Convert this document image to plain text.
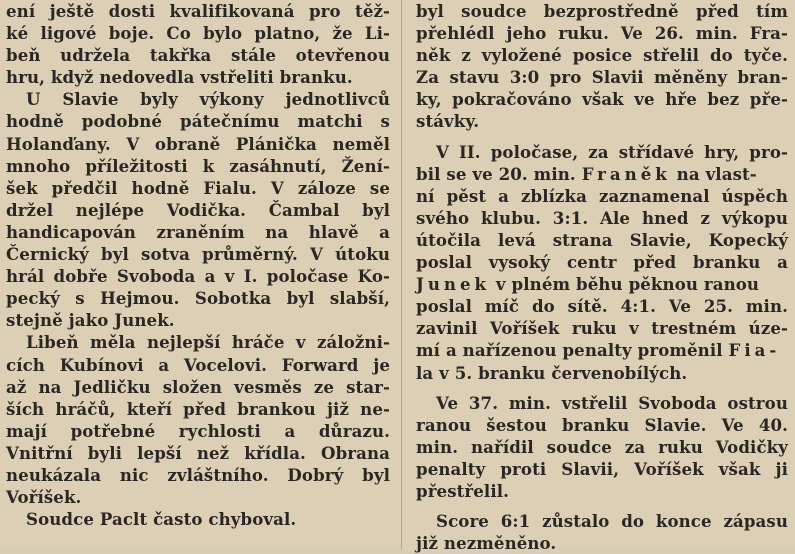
ení ještě dosti kvalifikovaná pro těž-
ké ligové boje. Co bylo platno, že Li-
beň udržela takřka stále otevřenou
hru, když nedovedla vstřeliti branku.
U Slavie byly výkony jednotlivců
hodně podobné pátečnímu matchi s
Holanďany. V obraně Plánička neměl
mnoho příležitosti k zasáhnutí, Žení-
šek předčil hodně Fialu. V záloze se
držel nejlépe Vodička. Čambal byl
handicapován zraněním na hlavě a
Černický byl sotva průměrný. V útoku
hrál dobře Svoboda a v I. poločase Ko-
pecký s Hejmou. Sobotka byl slabší,
stejně jako Junek.
Libeň měla nejlepší hráče v záložni-
cích Kubínovi a Vocelovi. Forward je
až na Jedličku složen vesměs ze star-
ších hráčů, kteří před brankou již ne-
mají potřebné rychlosti a důrazu.
Vnitřní byli lepší než křídla. Obrana
neukázala nic zvláštního. Dobrý byl
Voříšek.
Soudce Paclt často chyboval.
byl soudce bezprostředně před tím
přehlédl jeho ruku. Ve 26. min. Fra-
něk z vyložené posice střelil do tyče.
Za stavu 3:0 pro Slavii měněny bran-
ky, pokračováno však ve hře bez pře-
stávky.
V II. poločase, za střídavé hry, pro-
bil se ve 20. min. Franěk na vlast-
ní pěst a zblízka zaznamenal úspěch
svého klubu. 3:1. Ale hned z výkopu
útočila levá strana Slavie, Kopecký
poslal vysoký centr před branku a
Junek v plném běhu pěknou ranou
poslal míč do sítě. 4:1. Ve 25. min.
zavinil Voříšek ruku v trestném úze-
mí a nařízenou penalty proměnil Fia-
la v 5. branku červenobílých.
Ve 37. min. vstřelil Svoboda ostrou
ranou šestou branku Slavie. Ve 40.
min. nařídil soudce za ruku Vodičky
penalty proti Slavii, Voříšek však ji
přestřelil.
Score 6:1 zůstalo do konce zápasu
již nezměněno.
